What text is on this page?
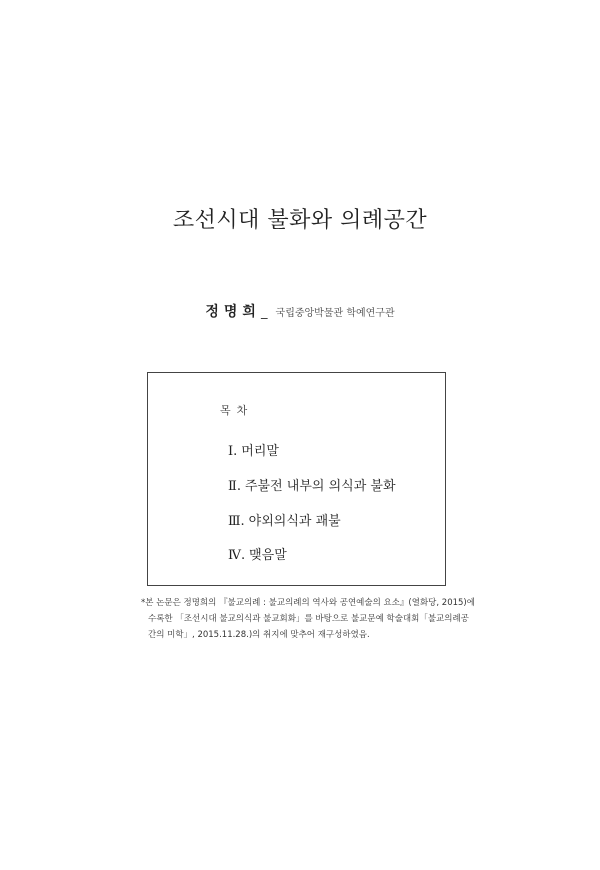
조선시대 불화와 의례공간
정명희_ 국립중앙박물관 학예연구관
목차
Ⅰ. 머리말
Ⅱ. 주불전 내부의 의식과 불화
Ⅲ. 야외의식과 괘불
Ⅳ. 맺음말
*본 논문은 정명희의 『불교의례 : 불교의례의 역사와 공연예술의 요소』(열화당, 2015)에
수록한 「조선시대 불교의식과 불교회화」를 바탕으로 불교문예 학술대회「불교의례공
간의 미학」, 2015.11.28.)의 취지에 맞추어 재구성하였음.
